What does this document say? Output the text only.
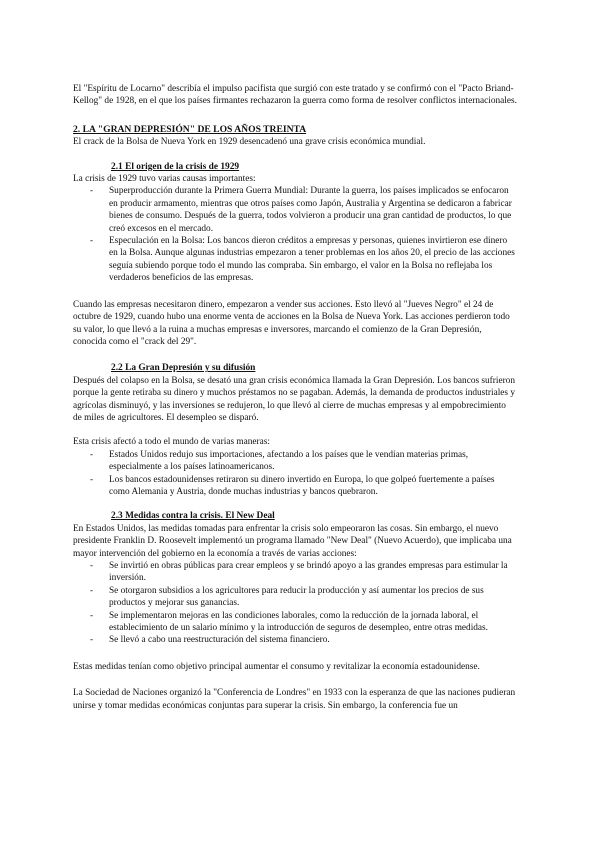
El "Espíritu de Locarno" describía el impulso pacifista que surgió con este tratado y se confirmó con el "Pacto Briand-Kellog" de 1928, en el que los países firmantes rechazaron la guerra como forma de resolver conflictos internacionales.

2. LA "GRAN DEPRESIÓN" DE LOS AÑOS TREINTA

El crack de la Bolsa de Nueva York en 1929 desencadenó una grave crisis económica mundial.

2.1 El origen de la crisis de 1929

La crisis de 1929 tuvo varias causas importantes:

- Superproducción durante la Primera Guerra Mundial: Durante la guerra, los países implicados se enfocaron en producir armamento, mientras que otros países como Japón, Australia y Argentina se dedicaron a fabricar bienes de consumo. Después de la guerra, todos volvieron a producir una gran cantidad de productos, lo que creó excesos en el mercado.
- Especulación en la Bolsa: Los bancos dieron créditos a empresas y personas, quienes invirtieron ese dinero en la Bolsa. Aunque algunas industrias empezaron a tener problemas en los años 20, el precio de las acciones seguía subiendo porque todo el mundo las compraba. Sin embargo, el valor en la Bolsa no reflejaba los verdaderos beneficios de las empresas.

Cuando las empresas necesitaron dinero, empezaron a vender sus acciones. Esto llevó al "Jueves Negro" el 24 de octubre de 1929, cuando hubo una enorme venta de acciones en la Bolsa de Nueva York. Las acciones perdieron todo su valor, lo que llevó a la ruina a muchas empresas e inversores, marcando el comienzo de la Gran Depresión, conocida como el "crack del 29".

2.2 La Gran Depresión y su difusión

Después del colapso en la Bolsa, se desató una gran crisis económica llamada la Gran Depresión. Los bancos sufrieron porque la gente retiraba su dinero y muchos préstamos no se pagaban. Además, la demanda de productos industriales y agrícolas disminuyó, y las inversiones se redujeron, lo que llevó al cierre de muchas empresas y al empobrecimiento de miles de agricultores. El desempleo se disparó.

Esta crisis afectó a todo el mundo de varias maneras:

- Estados Unidos redujo sus importaciones, afectando a los países que le vendían materias primas, especialmente a los países latinoamericanos.
- Los bancos estadounidenses retiraron su dinero invertido en Europa, lo que golpeó fuertemente a países como Alemania y Austria, donde muchas industrias y bancos quebraron.

2.3 Medidas contra la crisis. El New Deal

En Estados Unidos, las medidas tomadas para enfrentar la crisis solo empeoraron las cosas. Sin embargo, el nuevo presidente Franklin D. Roosevelt implementó un programa llamado "New Deal" (Nuevo Acuerdo), que implicaba una mayor intervención del gobierno en la economía a través de varias acciones:

- Se invirtió en obras públicas para crear empleos y se brindó apoyo a las grandes empresas para estimular la inversión.
- Se otorgaron subsidios a los agricultores para reducir la producción y así aumentar los precios de sus productos y mejorar sus ganancias.
- Se implementaron mejoras en las condiciones laborales, como la reducción de la jornada laboral, el establecimiento de un salario mínimo y la introducción de seguros de desempleo, entre otras medidas.
- Se llevó a cabo una reestructuración del sistema financiero.

Estas medidas tenían como objetivo principal aumentar el consumo y revitalizar la economía estadounidense.

La Sociedad de Naciones organizó la "Conferencia de Londres" en 1933 con la esperanza de que las naciones pudieran unirse y tomar medidas económicas conjuntas para superar la crisis. Sin embargo, la conferencia fue un
